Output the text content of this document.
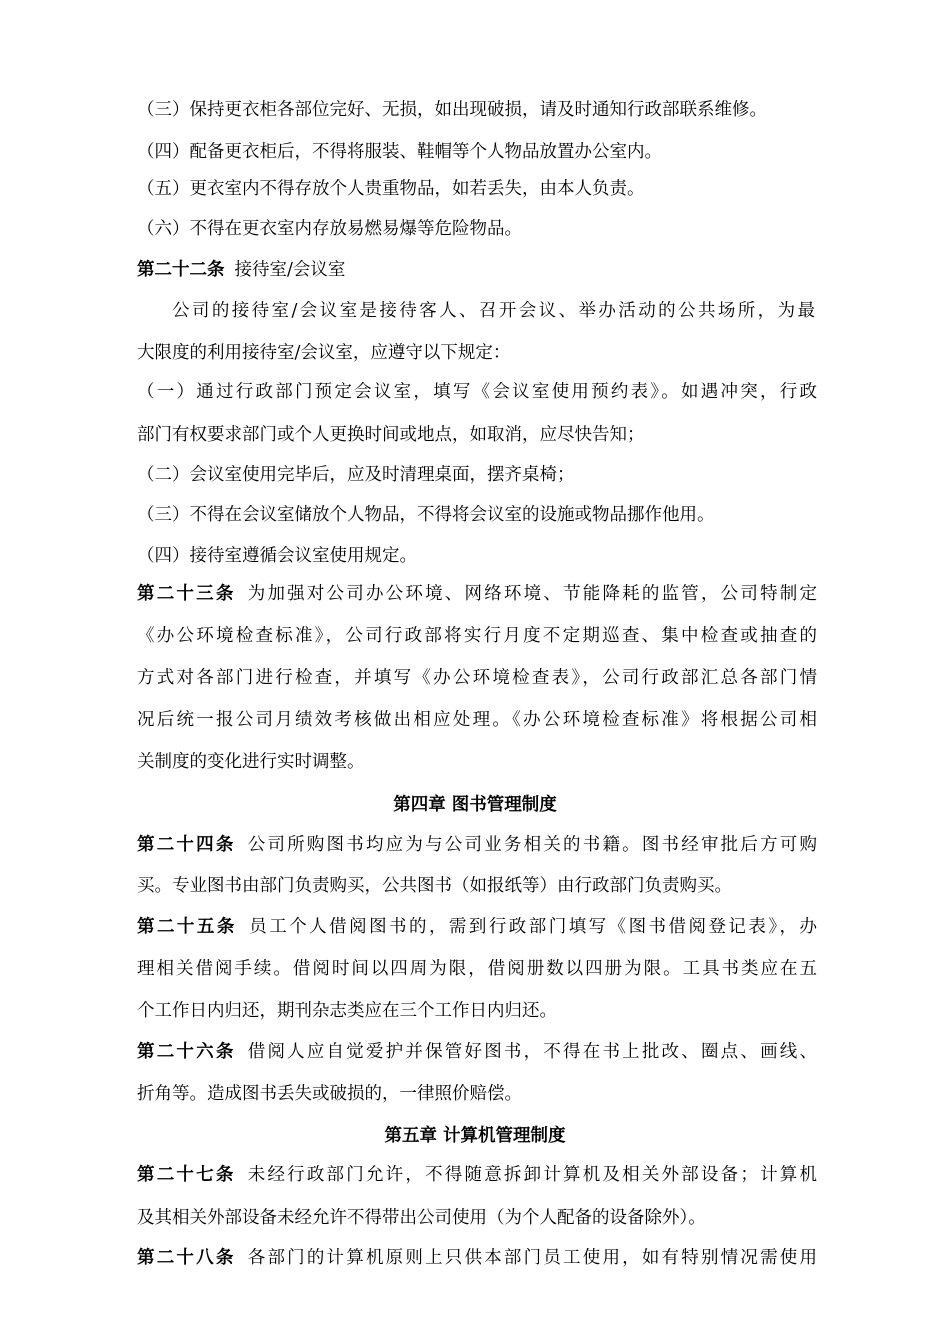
（三）保持更衣柜各部位完好、无损，如出现破损，请及时通知行政部联系维修。
（四）配备更衣柜后，不得将服装、鞋帽等个人物品放置办公室内。
（五）更衣室内不得存放个人贵重物品，如若丢失，由本人负责。
（六）不得在更衣室内存放易燃易爆等危险物品。
第二十二条 接待室/会议室
公司的接待室/会议室是接待客人、召开会议、举办活动的公共场所，为最
大限度的利用接待室/会议室，应遵守以下规定：
（一）通过行政部门预定会议室，填写《会议室使用预约表》。如遇冲突，行政
部门有权要求部门或个人更换时间或地点，如取消，应尽快告知；
（二）会议室使用完毕后，应及时清理桌面，摆齐桌椅；
（三）不得在会议室储放个人物品，不得将会议室的设施或物品挪作他用。
（四）接待室遵循会议室使用规定。
第二十三条 为加强对公司办公环境、网络环境、节能降耗的监管，公司特制定
《办公环境检查标准》，公司行政部将实行月度不定期巡查、集中检查或抽查的
方式对各部门进行检查，并填写《办公环境检查表》，公司行政部汇总各部门情
况后统一报公司月绩效考核做出相应处理。《办公环境检查标准》将根据公司相
关制度的变化进行实时调整。
第四章 图书管理制度
第二十四条 公司所购图书均应为与公司业务相关的书籍。图书经审批后方可购
买。专业图书由部门负责购买，公共图书（如报纸等）由行政部门负责购买。
第二十五条 员工个人借阅图书的，需到行政部门填写《图书借阅登记表》，办
理相关借阅手续。借阅时间以四周为限，借阅册数以四册为限。工具书类应在五
个工作日内归还，期刊杂志类应在三个工作日内归还。
第二十六条 借阅人应自觉爱护并保管好图书，不得在书上批改、圈点、画线、
折角等。造成图书丢失或破损的，一律照价赔偿。
第五章 计算机管理制度
第二十七条 未经行政部门允许，不得随意拆卸计算机及相关外部设备；计算机
及其相关外部设备未经允许不得带出公司使用（为个人配备的设备除外）。
第二十八条 各部门的计算机原则上只供本部门员工使用，如有特别情况需使用
